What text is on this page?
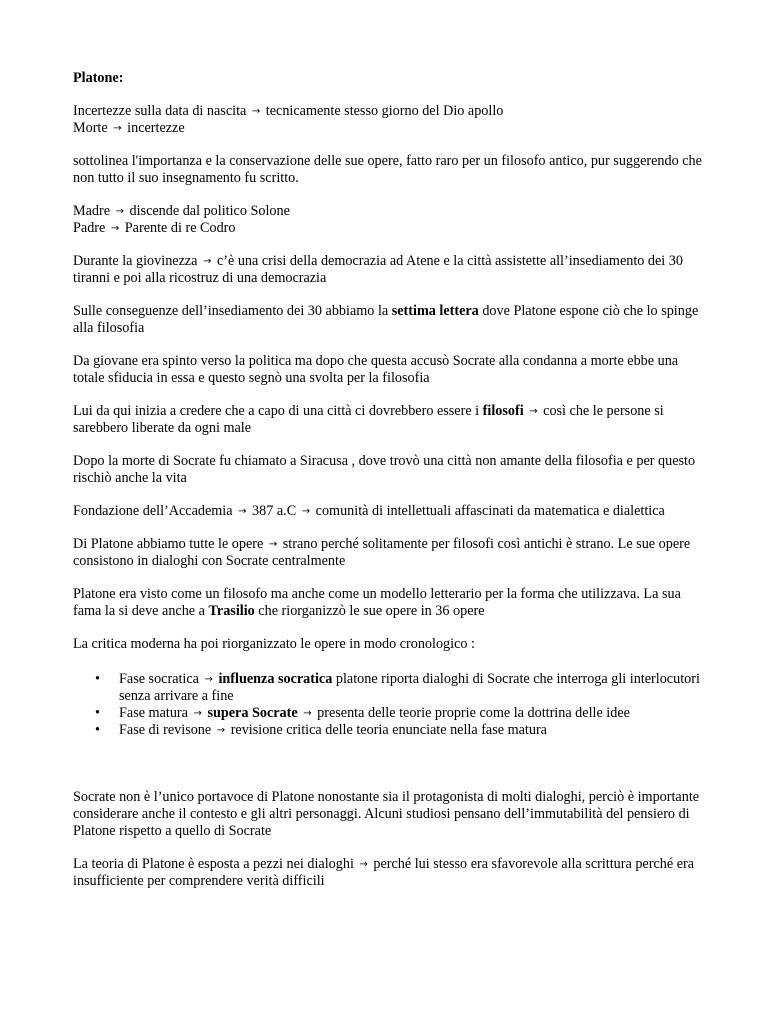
Platone:

Incertezze sulla data di nascita → tecnicamente stesso giorno del Dio apollo
Morte → incertezze

sottolinea l'importanza e la conservazione delle sue opere, fatto raro per un filosofo antico, pur suggerendo che non tutto il suo insegnamento fu scritto.

Madre → discende dal politico Solone
Padre → Parente di re Codro

Durante la giovinezza → c’è una crisi della democrazia ad Atene e la città assistette all’insediamento dei 30 tiranni e poi alla ricostruz di una democrazia

Sulle conseguenze dell’insediamento dei 30 abbiamo la settima lettera dove Platone espone ciò che lo spinge alla filosofia

Da giovane era spinto verso la politica ma dopo che questa accusò Socrate alla condanna a morte ebbe una totale sfiducia in essa e questo segnò una svolta per la filosofia

Lui da qui inizia a credere che a capo di una città ci dovrebbero essere i filosofi → così che le persone si sarebbero liberate da ogni male

Dopo la morte di Socrate fu chiamato a Siracusa , dove trovò una città non amante della filosofia e per questo rischiò anche la vita

Fondazione dell’Accademia → 387 a.C → comunità di intellettuali affascinati da matematica e dialettica

Di Platone abbiamo tutte le opere → strano perché solitamente per filosofi così antichi è strano. Le sue opere consistono in dialoghi con Socrate centralmente

Platone era visto come un filosofo ma anche come un modello letterario per la forma che utilizzava. La sua fama la si deve anche a Trasilio che riorganizzò le sue opere in 36 opere

La critica moderna ha poi riorganizzato le opere in modo cronologico :

• Fase socratica → influenza socratica platone riporta dialoghi di Socrate che interroga gli interlocutori senza arrivare a fine
• Fase matura → supera Socrate → presenta delle teorie proprie come la dottrina delle idee
• Fase di revisone → revisione critica delle teoria enunciate nella fase matura

Socrate non è l’unico portavoce di Platone nonostante sia il protagonista di molti dialoghi, perciò è importante considerare anche il contesto e gli altri personaggi. Alcuni studiosi pensano dell’immutabilità del pensiero di Platone rispetto a quello di Socrate

La teoria di Platone è esposta a pezzi nei dialoghi → perché lui stesso era sfavorevole alla scrittura perché era insufficiente per comprendere verità difficili
